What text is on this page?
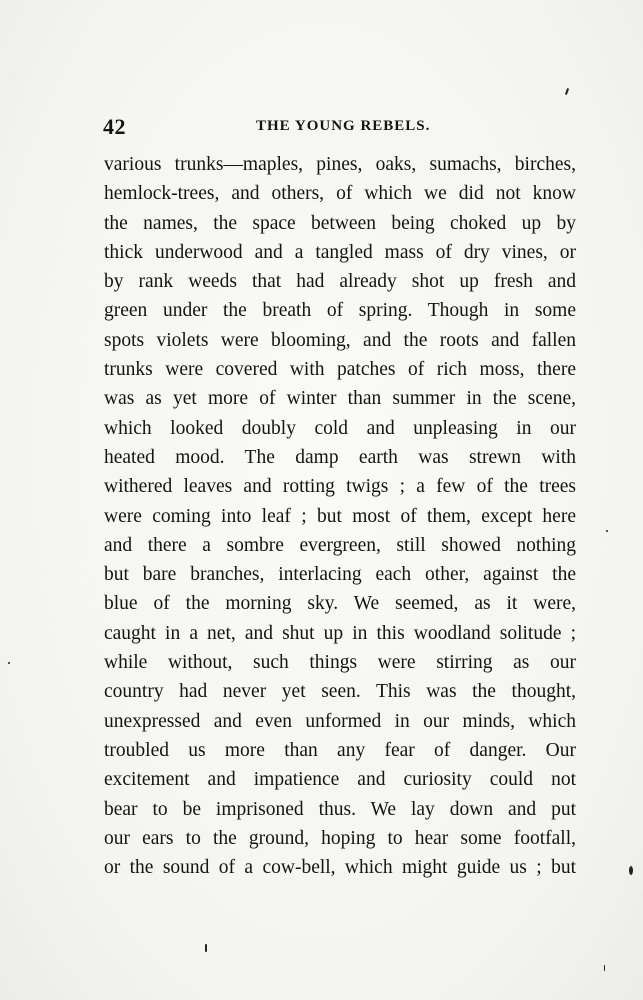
42	THE YOUNG REBELS.
various trunks—maples, pines, oaks, sumachs, birches,
hemlock-trees, and others, of which we did not know
the names, the space between being choked up by
thick underwood and a tangled mass of dry vines, or
by rank weeds that had already shot up fresh and
green under the breath of spring. Though in some
spots violets were blooming, and the roots and fallen
trunks were covered with patches of rich moss, there
was as yet more of winter than summer in the scene,
which looked doubly cold and unpleasing in our
heated mood. The damp earth was strewn with
withered leaves and rotting twigs ; a few of the trees
were coming into leaf ; but most of them, except here
and there a sombre evergreen, still showed nothing
but bare branches, interlacing each other, against the
blue of the morning sky. We seemed, as it were,
caught in a net, and shut up in this woodland solitude ;
while without, such things were stirring as our
country had never yet seen. This was the thought,
unexpressed and even unformed in our minds, which
troubled us more than any fear of danger. Our
excitement and impatience and curiosity could not
bear to be imprisoned thus. We lay down and put
our ears to the ground, hoping to hear some footfall,
or the sound of a cow-bell, which might guide us ; but
